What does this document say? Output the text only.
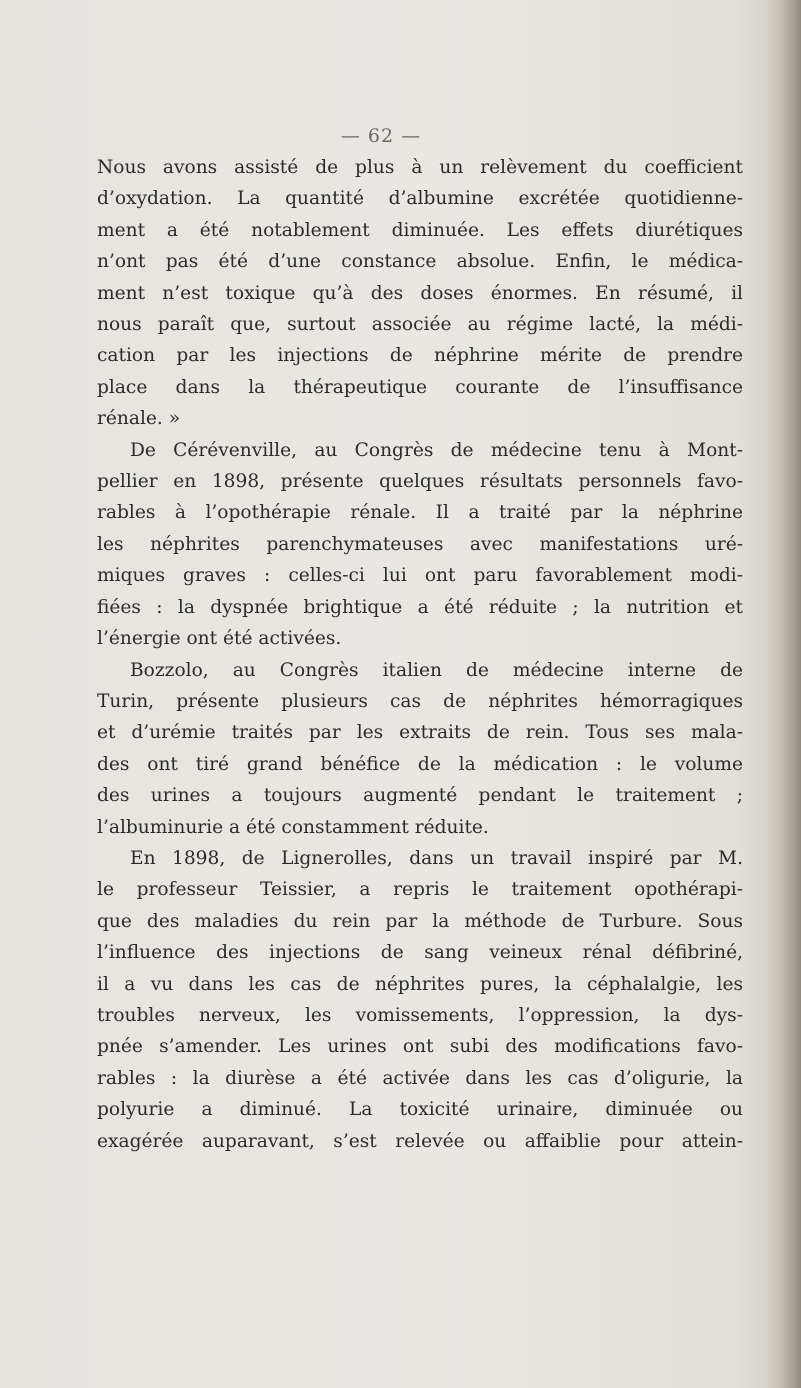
— 62 —

Nous avons assisté de plus à un relèvement du coefficient
d’oxydation. La quantité d’albumine excrétée quotidienne-
ment a été notablement diminuée. Les effets diurétiques
n’ont pas été d’une constance absolue. Enfin, le médica-
ment n’est toxique qu’à des doses énormes. En résumé, il
nous paraît que, surtout associée au régime lacté, la médi-
cation par les injections de néphrine mérite de prendre
place dans la thérapeutique courante de l’insuffisance
rénale. »

De Cérévenville, au Congrès de médecine tenu à Mont-
pellier en 1898, présente quelques résultats personnels favo-
rables à l’opothérapie rénale. Il a traité par la néphrine
les néphrites parenchymateuses avec manifestations uré-
miques graves : celles-ci lui ont paru favorablement modi-
fiées : la dyspnée brightique a été réduite ; la nutrition et
l’énergie ont été activées.

Bozzolo, au Congrès italien de médecine interne de
Turin, présente plusieurs cas de néphrites hémorragiques
et d’urémie traités par les extraits de rein. Tous ses mala-
des ont tiré grand bénéfice de la médication : le volume
des urines a toujours augmenté pendant le traitement ;
l’albuminurie a été constamment réduite.

En 1898, de Lignerolles, dans un travail inspiré par M.
le professeur Teissier, a repris le traitement opothérapi-
que des maladies du rein par la méthode de Turbure. Sous
l’influence des injections de sang veineux rénal défibriné,
il a vu dans les cas de néphrites pures, la céphalalgie, les
troubles nerveux, les vomissements, l’oppression, la dys-
pnée s’amender. Les urines ont subi des modifications favo-
rables : la diurèse a été activée dans les cas d’oligurie, la
polyurie a diminué. La toxicité urinaire, diminuée ou
exagérée auparavant, s’est relevée ou affaiblie pour attein-
